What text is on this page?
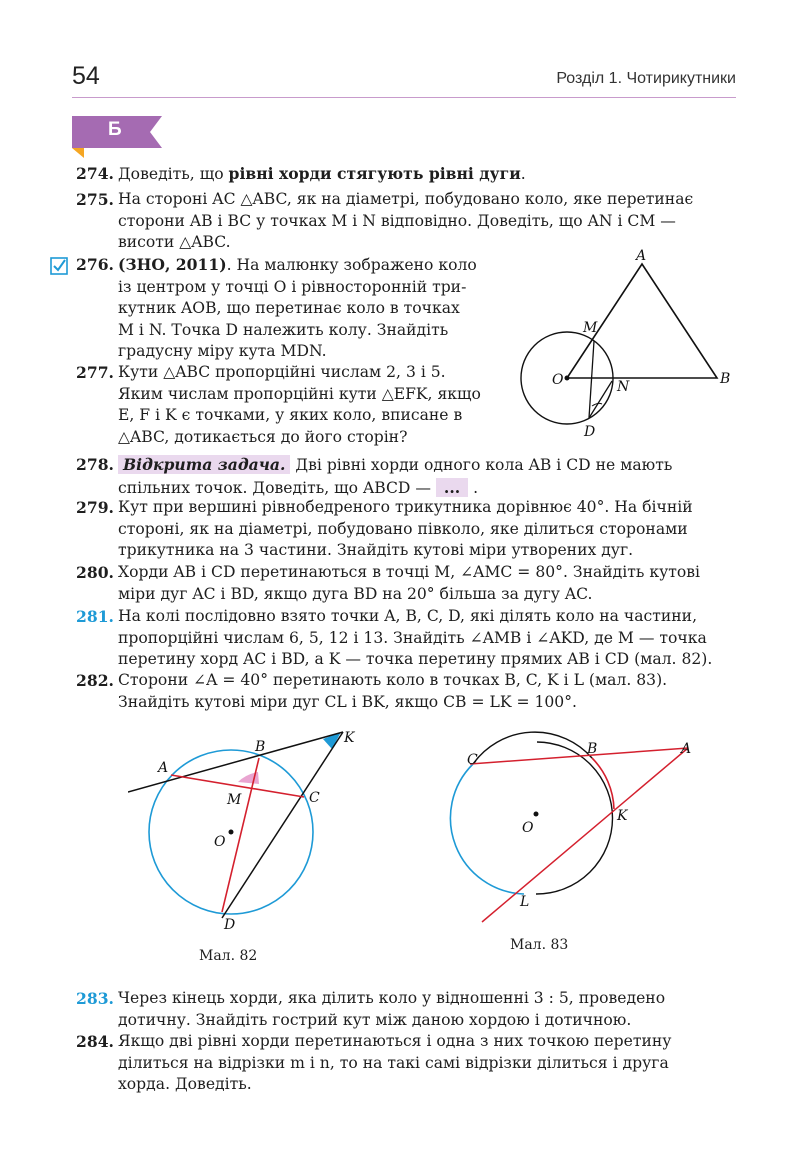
54	Розділ 1. Чотирикутники
Б
274. Доведіть, що рівні хорди стягують рівні дуги.
275. На стороні AC △ABC, як на діаметрі, побудовано коло, яке перетинає
сторони AB і BC у точках M і N відповідно. Доведіть, що AN і CM —
висоти △ABC.
276. (ЗНО, 2011). На малюнку зображено коло
із центром у точці O і рівносторонній три-
кутник AOB, що перетинає коло в точках
M і N. Точка D належить колу. Знайдіть
градусну міру кута MDN.
277. Кути △ABC пропорційні числам 2, 3 і 5.
Яким числам пропорційні кути △EFK, якщо
E, F і K є точками, у яких коло, вписане в
△ABC, дотикається до його сторін?
A
B
O
M
N
D
278. Відкрита задача. Дві рівні хорди одного кола AB і CD не мають
спільних точок. Доведіть, що ABCD — ... .
279. Кут при вершині рівнобедреного трикутника дорівнює 40°. На бічній
стороні, як на діаметрі, побудовано півколо, яке ділиться сторонами
трикутника на 3 частини. Знайдіть кутові міри утворених дуг.
280. Хорди AB і CD перетинаються в точці M, ∠AMC = 80°. Знайдіть кутові
міри дуг AC і BD, якщо дуга BD на 20° більша за дугу AC.
281. На колі послідовно взято точки A, B, C, D, які ділять коло на частини,
пропорційні числам 6, 5, 12 і 13. Знайдіть ∠AMB і ∠AKD, де M — точка
перетину хорд AC і BD, а K — точка перетину прямих AB і CD (мал. 82).
282. Сторони ∠A = 40° перетинають коло в точках B, C, K і L (мал. 83).
Знайдіть кутові міри дуг CL і BK, якщо CB = LK = 100°.
A
B
C
D
K
M
O
Мал. 82
C
B	A
K
L
O
Мал. 83
283. Через кінець хорди, яка ділить коло у відношенні 3 : 5, проведено
дотичну. Знайдіть гострий кут між даною хордою і дотичною.
284. Якщо дві рівні хорди перетинаються і одна з них точкою перетину
ділиться на відрізки m і n, то на такі самі відрізки ділиться і друга
хорда. Доведіть.
